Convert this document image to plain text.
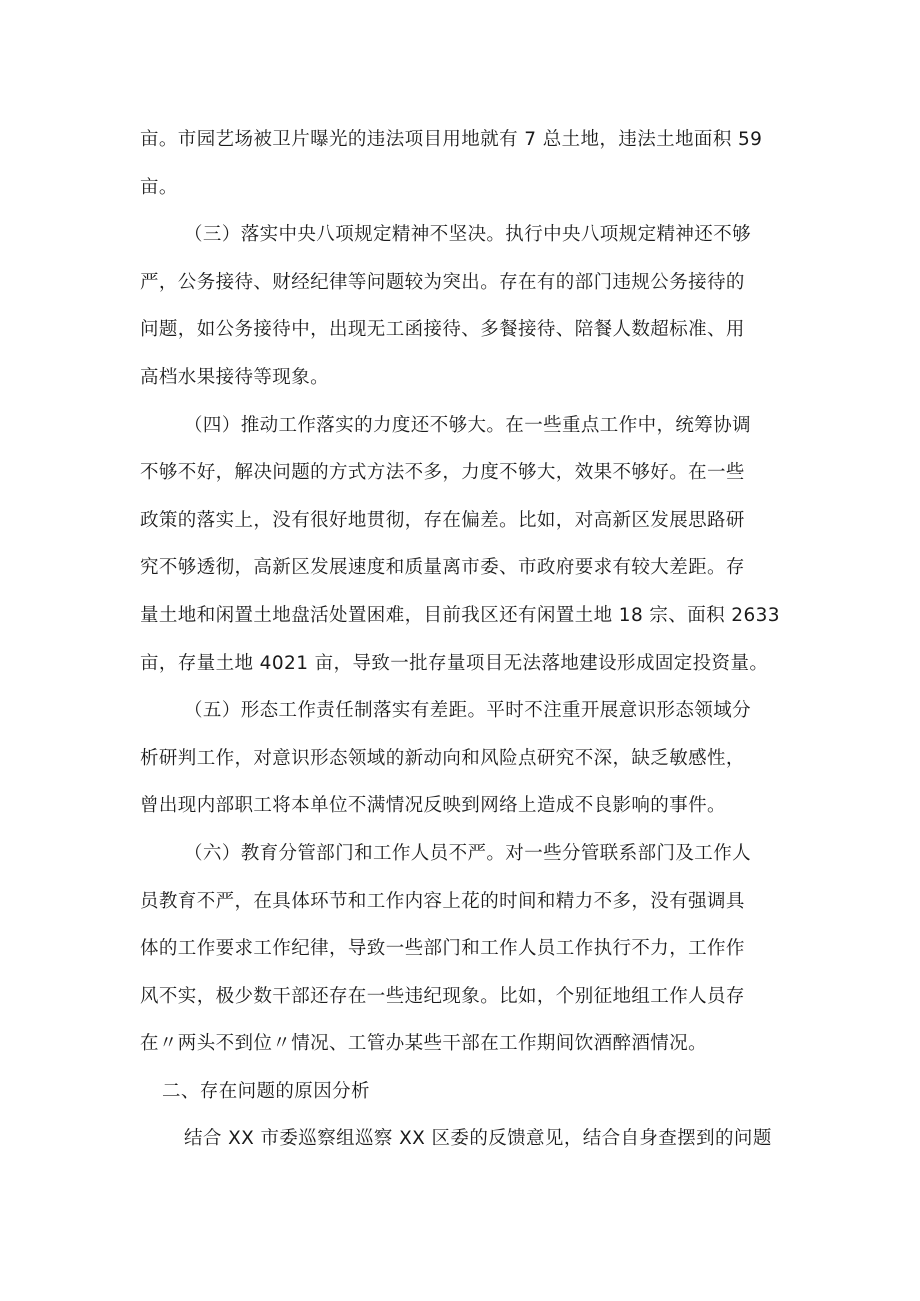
亩。市园艺场被卫片曝光的违法项目用地就有 7 总土地，违法土地面积 59
亩。
（三）落实中央八项规定精神不坚决。执行中央八项规定精神还不够
严，公务接待、财经纪律等问题较为突出。存在有的部门违规公务接待的
问题，如公务接待中，出现无工函接待、多餐接待、陪餐人数超标准、用
高档水果接待等现象。
（四）推动工作落实的力度还不够大。在一些重点工作中，统筹协调
不够不好，解决问题的方式方法不多，力度不够大，效果不够好。在一些
政策的落实上，没有很好地贯彻，存在偏差。比如，对高新区发展思路研
究不够透彻，高新区发展速度和质量离市委、市政府要求有较大差距。存
量土地和闲置土地盘活处置困难，目前我区还有闲置土地 18 宗、面积 2633
亩，存量土地 4021 亩，导致一批存量项目无法落地建设形成固定投资量。
（五）形态工作责任制落实有差距。平时不注重开展意识形态领域分
析研判工作，对意识形态领域的新动向和风险点研究不深，缺乏敏感性，
曾出现内部职工将本单位不满情况反映到网络上造成不良影响的事件。
（六）教育分管部门和工作人员不严。对一些分管联系部门及工作人
员教育不严，在具体环节和工作内容上花的时间和精力不多，没有强调具
体的工作要求工作纪律，导致一些部门和工作人员工作执行不力，工作作
风不实，极少数干部还存在一些违纪现象。比如，个别征地组工作人员存
在〃两头不到位〃情况、工管办某些干部在工作期间饮酒醉酒情况。
二、存在问题的原因分析
结合 XX 市委巡察组巡察 XX 区委的反馈意见，结合自身查摆到的问题
